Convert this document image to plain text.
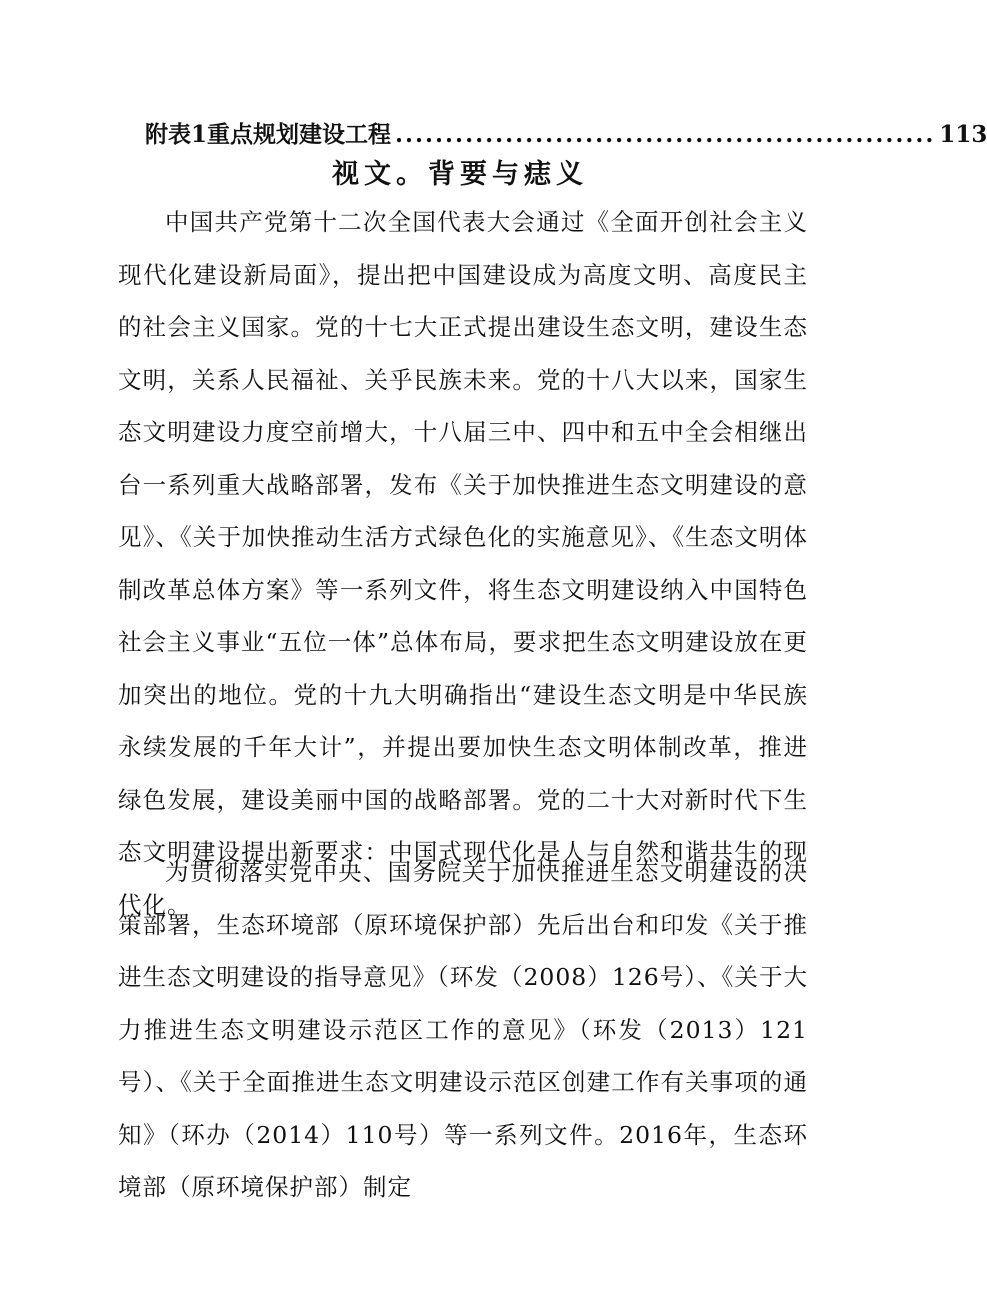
附表1重点规划建设工程 ...................................................... 113
视文。背要与痣义

中国共产党第十二次全国代表大会通过《全面开创社会主义现代化建设新局面》，提出把中国建设成为高度文明、高度民主的社会主义国家。党的十七大正式提出建设生态文明，建设生态文明，关系人民福祉、关乎民族未来。党的十八大以来，国家生态文明建设力度空前增大，十八届三中、四中和五中全会相继出台一系列重大战略部署，发布《关于加快推进生态文明建设的意见》、《关于加快推动生活方式绿色化的实施意见》、《生态文明体制改革总体方案》等一系列文件，将生态文明建设纳入中国特色社会主义事业“五位一体”总体布局，要求把生态文明建设放在更加突出的地位。党的十九大明确指出“建设生态文明是中华民族永续发展的千年大计”，并提出要加快生态文明体制改革，推进绿色发展，建设美丽中国的战略部署。党的二十大对新时代下生态文明建设提出新要求：中国式现代化是人与自然和谐共生的现代化。

为贯彻落实党中央、国务院关于加快推进生态文明建设的决策部署，生态环境部（原环境保护部）先后出台和印发《关于推进生态文明建设的指导意见》（环发（2008）126号）、《关于大力推进生态文明建设示范区工作的意见》（环发（2013）121号）、《关于全面推进生态文明建设示范区创建工作有关事项的通知》（环办（2014）110号）等一系列文件。2016年，生态环境部（原环境保护部）制定
